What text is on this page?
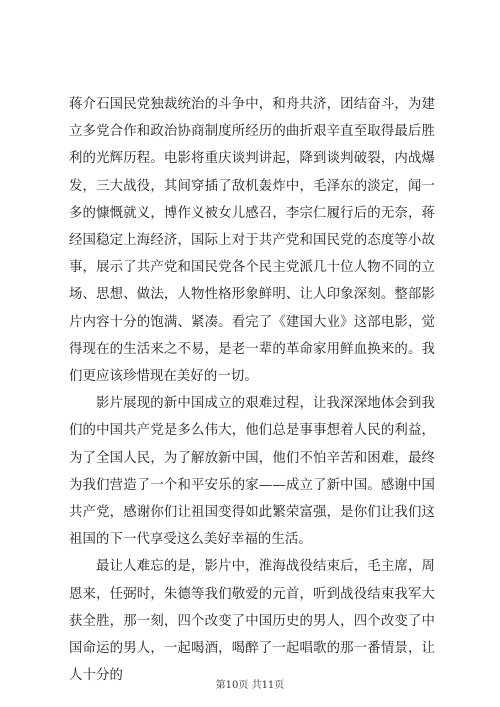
蒋介石国民党独裁统治的斗争中，和舟共济，团结奋斗，为建立多党合作和政治协商制度所经历的曲折艰辛直至取得最后胜利的光辉历程。电影将重庆谈判讲起，降到谈判破裂，内战爆发，三大战役，其间穿插了敌机轰炸中，毛泽东的淡定，闻一多的慷慨就义，博作义被女儿感召，李宗仁履行后的无奈，蒋经国稳定上海经济，国际上对于共产党和国民党的态度等小故事，展示了共产党和国民党各个民主党派几十位人物不同的立场、思想、做法，人物性格形象鲜明、让人印象深刻。整部影片内容十分的饱满、紧凑。看完了《建国大业》这部电影，觉得现在的生活来之不易，是老一辈的革命家用鲜血换来的。我们更应该珍惜现在美好的一切。

影片展现的新中国成立的艰难过程，让我深深地体会到我们的中国共产党是多么伟大，他们总是事事想着人民的利益，为了全国人民，为了解放新中国，他们不怕辛苦和困难，最终为我们营造了一个和平安乐的家——成立了新中国。感谢中国共产党，感谢你们让祖国变得如此繁荣富强，是你们让我们这祖国的下一代享受这么美好幸福的生活。

最让人难忘的是，影片中，淮海战役结束后，毛主席，周恩来，任弼时，朱德等我们敬爱的元首，听到战役结束我军大获全胜，那一刻，四个改变了中国历史的男人，四个改变了中国命运的男人，一起喝酒，喝醉了一起唱歌的那一番情景，让人十分的

第10页 共11页
